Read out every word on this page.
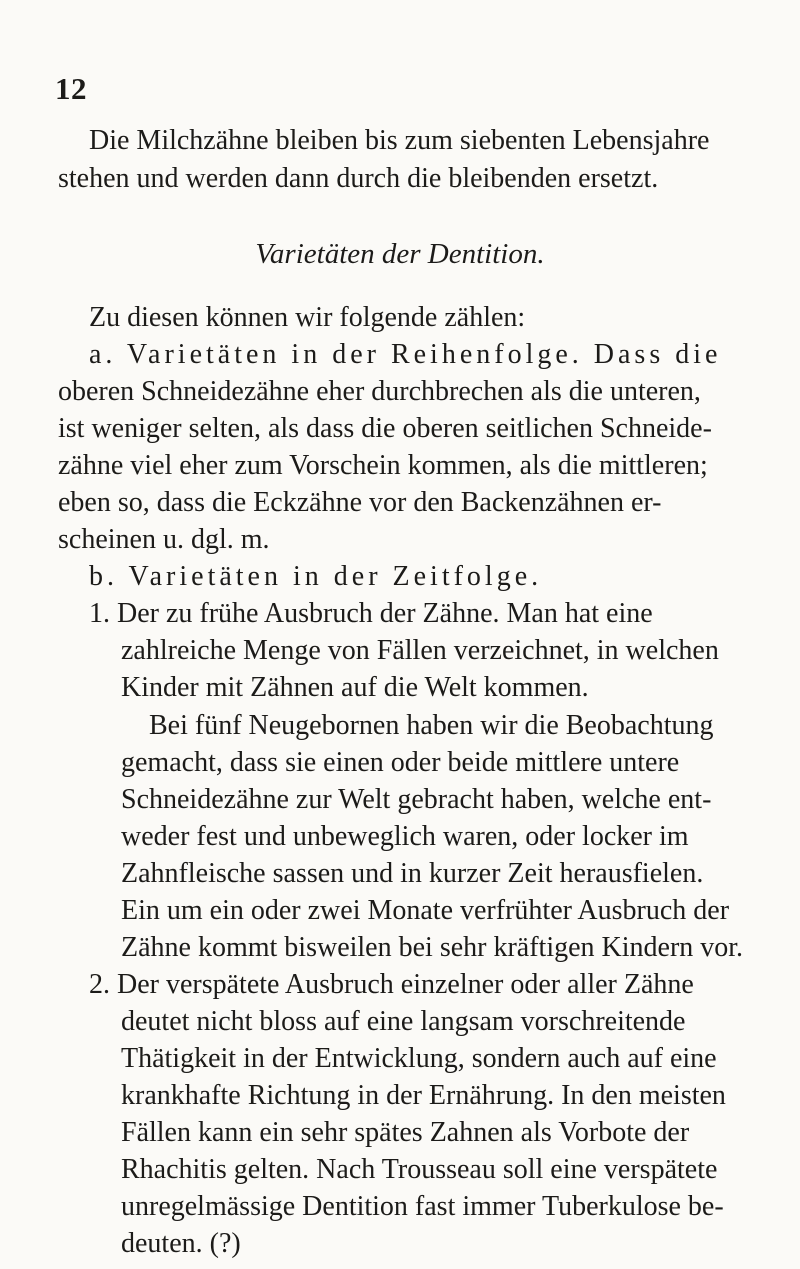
12
Die Milchzähne bleiben bis zum siebenten Lebensjahre
stehen und werden dann durch die bleibenden ersetzt.
Varietäten der Dentition.
Zu diesen können wir folgende zählen:
a. Varietäten in der Reihenfolge. Dass die
oberen Schneidezähne eher durchbrechen als die unteren,
ist weniger selten, als dass die oberen seitlichen Schneide-
zähne viel eher zum Vorschein kommen, als die mittleren;
eben so, dass die Eckzähne vor den Backenzähnen er-
scheinen u. dgl. m.
b. Varietäten in der Zeitfolge.
1. Der zu frühe Ausbruch der Zähne. Man hat eine
zahlreiche Menge von Fällen verzeichnet, in welchen
Kinder mit Zähnen auf die Welt kommen.
Bei fünf Neugebornen haben wir die Beobachtung
gemacht, dass sie einen oder beide mittlere untere
Schneidezähne zur Welt gebracht haben, welche ent-
weder fest und unbeweglich waren, oder locker im
Zahnfleische sassen und in kurzer Zeit herausfielen.
Ein um ein oder zwei Monate verfrühter Ausbruch der
Zähne kommt bisweilen bei sehr kräftigen Kindern vor.
2. Der verspätete Ausbruch einzelner oder aller Zähne
deutet nicht bloss auf eine langsam vorschreitende
Thätigkeit in der Entwicklung, sondern auch auf eine
krankhafte Richtung in der Ernährung. In den meisten
Fällen kann ein sehr spätes Zahnen als Vorbote der
Rhachitis gelten. Nach Trousseau soll eine verspätete
unregelmässige Dentition fast immer Tuberkulose be-
deuten. (?)
